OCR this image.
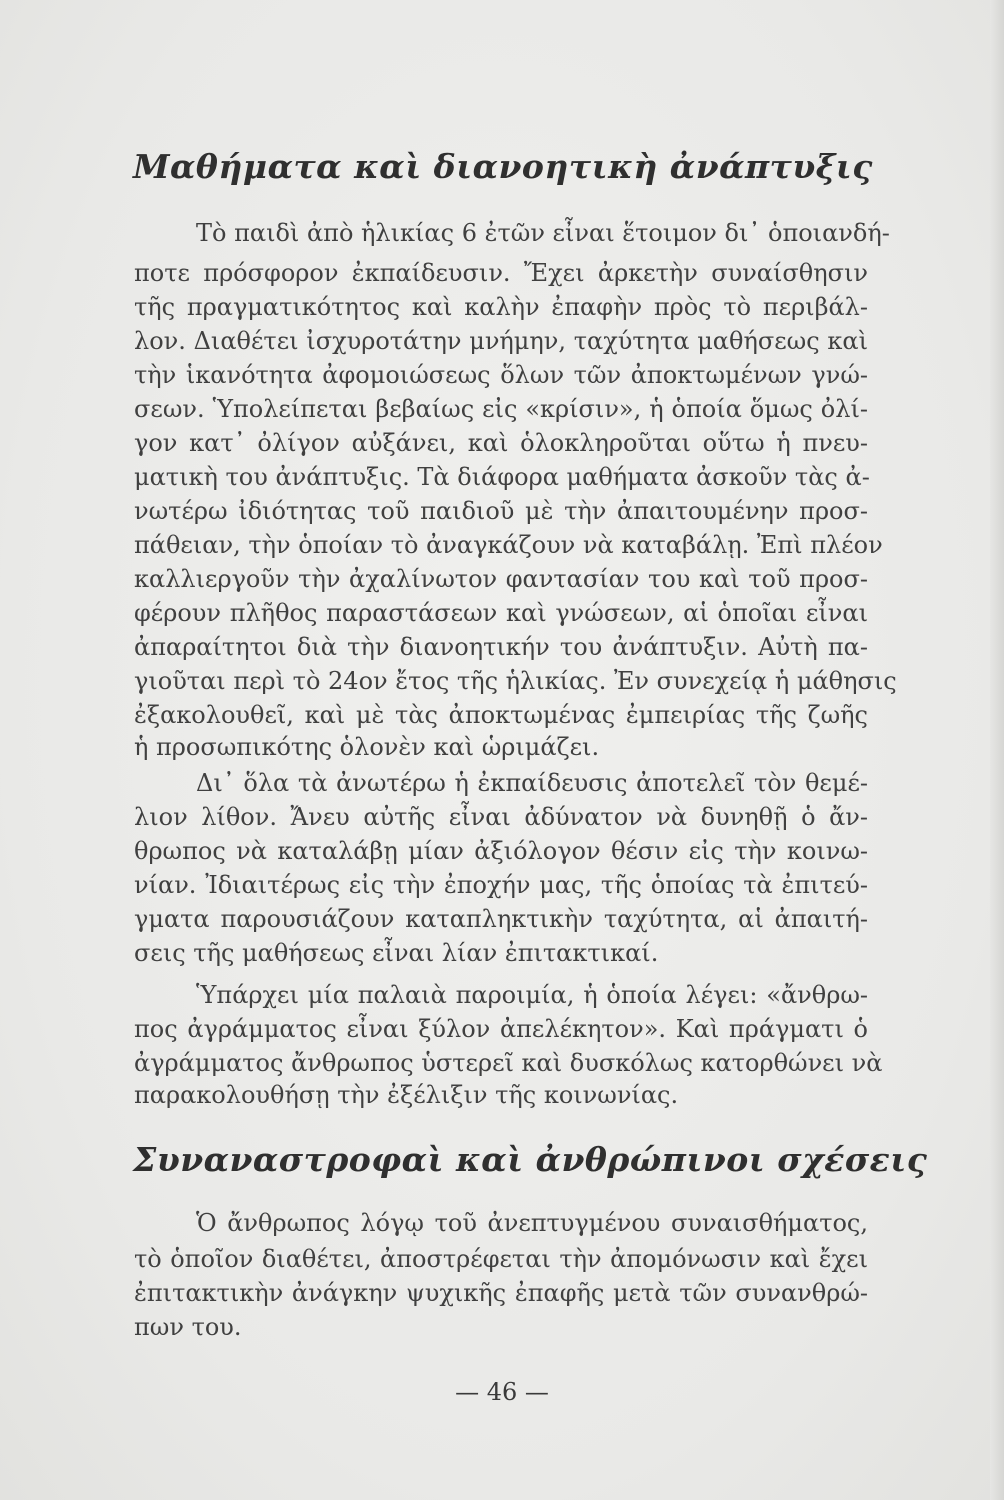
Μαθήματα καὶ διανοητικὴ ἀνάπτυξις
Τὸ παιδὶ ἀπὸ ἡλικίας 6 ἐτῶν εἶναι ἕτοιμον δι᾽ ὁποιανδή-
ποτε πρόσφορον ἐκπαίδευσιν. Ἔχει ἀρκετὴν συναίσθησιν
τῆς πραγματικότητος καὶ καλὴν ἐπαφὴν πρὸς τὸ περιβάλ-
λον. Διαθέτει ἰσχυροτάτην μνήμην, ταχύτητα μαθήσεως καὶ
τὴν ἱκανότητα ἀφομοιώσεως ὅλων τῶν ἀποκτωμένων γνώ-
σεων. Ὑπολείπεται βεβαίως εἰς «κρίσιν», ἡ ὁποία ὅμως ὀλί-
γον κατ᾽ ὀλίγον αὐξάνει, καὶ ὁλοκληροῦται οὕτω ἡ πνευ-
ματικὴ του ἀνάπτυξις. Τὰ διάφορα μαθήματα ἀσκοῦν τὰς ἀ-
νωτέρω ἰδιότητας τοῦ παιδιοῦ μὲ τὴν ἀπαιτουμένην προσ-
πάθειαν, τὴν ὁποίαν τὸ ἀναγκάζουν νὰ καταβάλῃ. Ἐπὶ πλέον
καλλιεργοῦν τὴν ἀχαλίνωτον φαντασίαν του καὶ τοῦ προσ-
φέρουν πλῆθος παραστάσεων καὶ γνώσεων, αἱ ὁποῖαι εἶναι
ἀπαραίτητοι διὰ τὴν διανοητικήν του ἀνάπτυξιν. Αὐτὴ πα-
γιοῦται περὶ τὸ 24ον ἔτος τῆς ἡλικίας. Ἐν συνεχείᾳ ἡ μάθησις
ἐξακολουθεῖ, καὶ μὲ τὰς ἀποκτωμένας ἐμπειρίας τῆς ζωῆς
ἡ προσωπικότης ὁλονὲν καὶ ὡριμάζει.
Δι᾽ ὅλα τὰ ἀνωτέρω ἡ ἐκπαίδευσις ἀποτελεῖ τὸν θεμέ-
λιον λίθον. Ἄνευ αὐτῆς εἶναι ἀδύνατον νὰ δυνηθῇ ὁ ἄν-
θρωπος νὰ καταλάβῃ μίαν ἀξιόλογον θέσιν εἰς τὴν κοινω-
νίαν. Ἰδιαιτέρως εἰς τὴν ἐποχήν μας, τῆς ὁποίας τὰ ἐπιτεύ-
γματα παρουσιάζουν καταπληκτικὴν ταχύτητα, αἱ ἀπαιτή-
σεις τῆς μαθήσεως εἶναι λίαν ἐπιτακτικαί.
Ὑπάρχει μία παλαιὰ παροιμία, ἡ ὁποία λέγει: «ἄνθρω-
πος ἀγράμματος εἶναι ξύλον ἀπελέκητον». Καὶ πράγματι ὁ
ἀγράμματος ἄνθρωπος ὑστερεῖ καὶ δυσκόλως κατορθώνει νὰ
παρακολουθήσῃ τὴν ἐξέλιξιν τῆς κοινωνίας.
Συναναστροφαὶ καὶ ἀνθρώπινοι σχέσεις
Ὁ ἄνθρωπος λόγῳ τοῦ ἀνεπτυγμένου συναισθήματος,
τὸ ὁποῖον διαθέτει, ἀποστρέφεται τὴν ἀπομόνωσιν καὶ ἔχει
ἐπιτακτικὴν ἀνάγκην ψυχικῆς ἐπαφῆς μετὰ τῶν συνανθρώ-
πων του.
— 46 —
